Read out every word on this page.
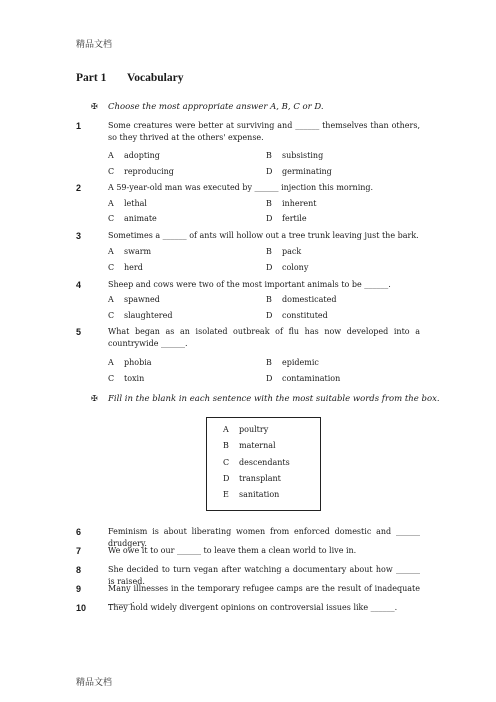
精品文档
Part 1 Vocabulary
✠ Choose the most appropriate answer A, B, C or D.
1	Some creatures were better at surviving and ______ themselves than others, so they thrived at the others' expense.
A adopting	B subsisting
C reproducing	D germinating
2	A 59-year-old man was executed by ______ injection this morning.
A lethal	B inherent
C animate	D fertile
3	Sometimes a ______ of ants will hollow out a tree trunk leaving just the bark.
A swarm	B pack
C herd	D colony
4	Sheep and cows were two of the most important animals to be ______.
A spawned	B domesticated
C slaughtered	D constituted
5	What began as an isolated outbreak of flu has now developed into a countrywide ______.
A phobia	B epidemic
C toxin	D contamination
✠ Fill in the blank in each sentence with the most suitable words from the box.
A poultry
B maternal
C descendants
D transplant
E sanitation
6	Feminism is about liberating women from enforced domestic and ______ drudgery.
7	We owe it to our ______ to leave them a clean world to live in.
8	She decided to turn vegan after watching a documentary about how ______ is raised.
9	Many illnesses in the temporary refugee camps are the result of inadequate ______.
10	They hold widely divergent opinions on controversial issues like ______.
精品文档
